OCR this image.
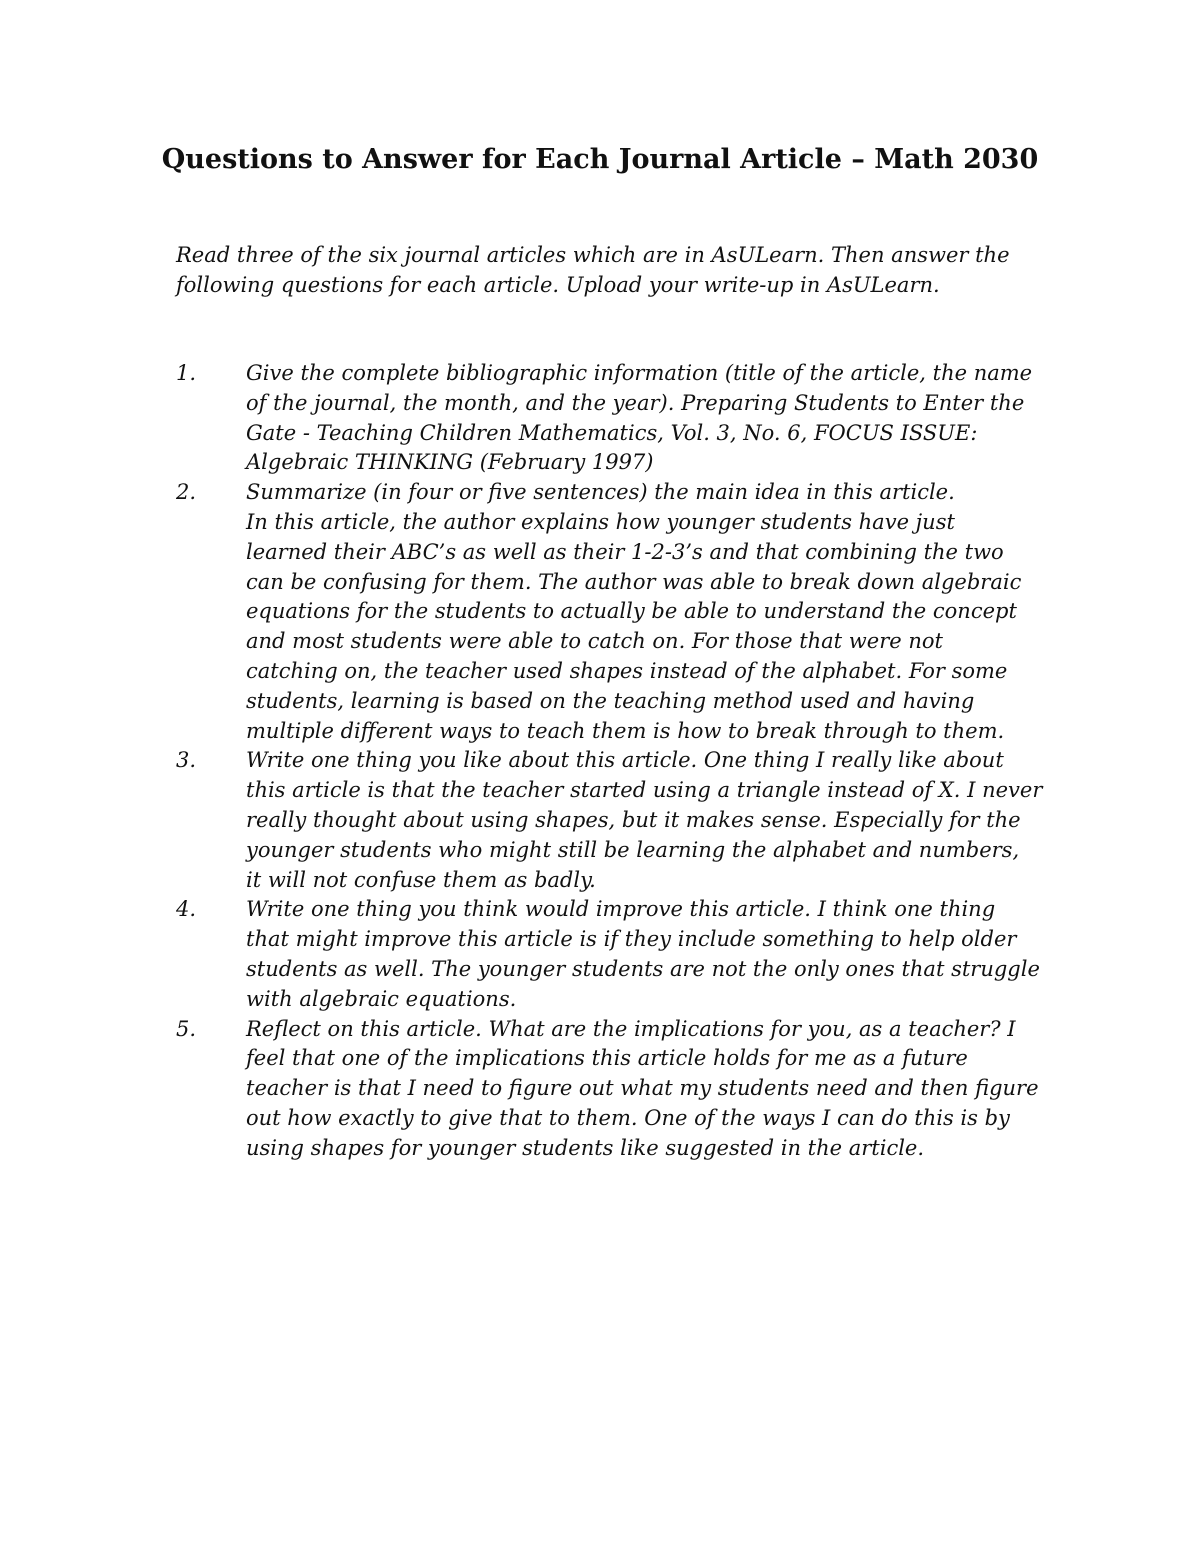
Questions to Answer for Each Journal Article – Math 2030

Read three of the six journal articles which are in AsULearn. Then answer the
following questions for each article. Upload your write-up in AsULearn.

1. Give the complete bibliographic information (title of the article, the name
of the journal, the month, and the year). Preparing Students to Enter the
Gate - Teaching Children Mathematics, Vol. 3, No. 6, FOCUS ISSUE:
Algebraic THINKING (February 1997)
2. Summarize (in four or five sentences) the main idea in this article.
In this article, the author explains how younger students have just
learned their ABC’s as well as their 1-2-3’s and that combining the two
can be confusing for them. The author was able to break down algebraic
equations for the students to actually be able to understand the concept
and most students were able to catch on. For those that were not
catching on, the teacher used shapes instead of the alphabet. For some
students, learning is based on the teaching method used and having
multiple different ways to teach them is how to break through to them.
3. Write one thing you like about this article. One thing I really like about
this article is that the teacher started using a triangle instead of X. I never
really thought about using shapes, but it makes sense. Especially for the
younger students who might still be learning the alphabet and numbers,
it will not confuse them as badly.
4. Write one thing you think would improve this article. I think one thing
that might improve this article is if they include something to help older
students as well. The younger students are not the only ones that struggle
with algebraic equations.
5. Reflect on this article. What are the implications for you, as a teacher? I
feel that one of the implications this article holds for me as a future
teacher is that I need to figure out what my students need and then figure
out how exactly to give that to them. One of the ways I can do this is by
using shapes for younger students like suggested in the article.
